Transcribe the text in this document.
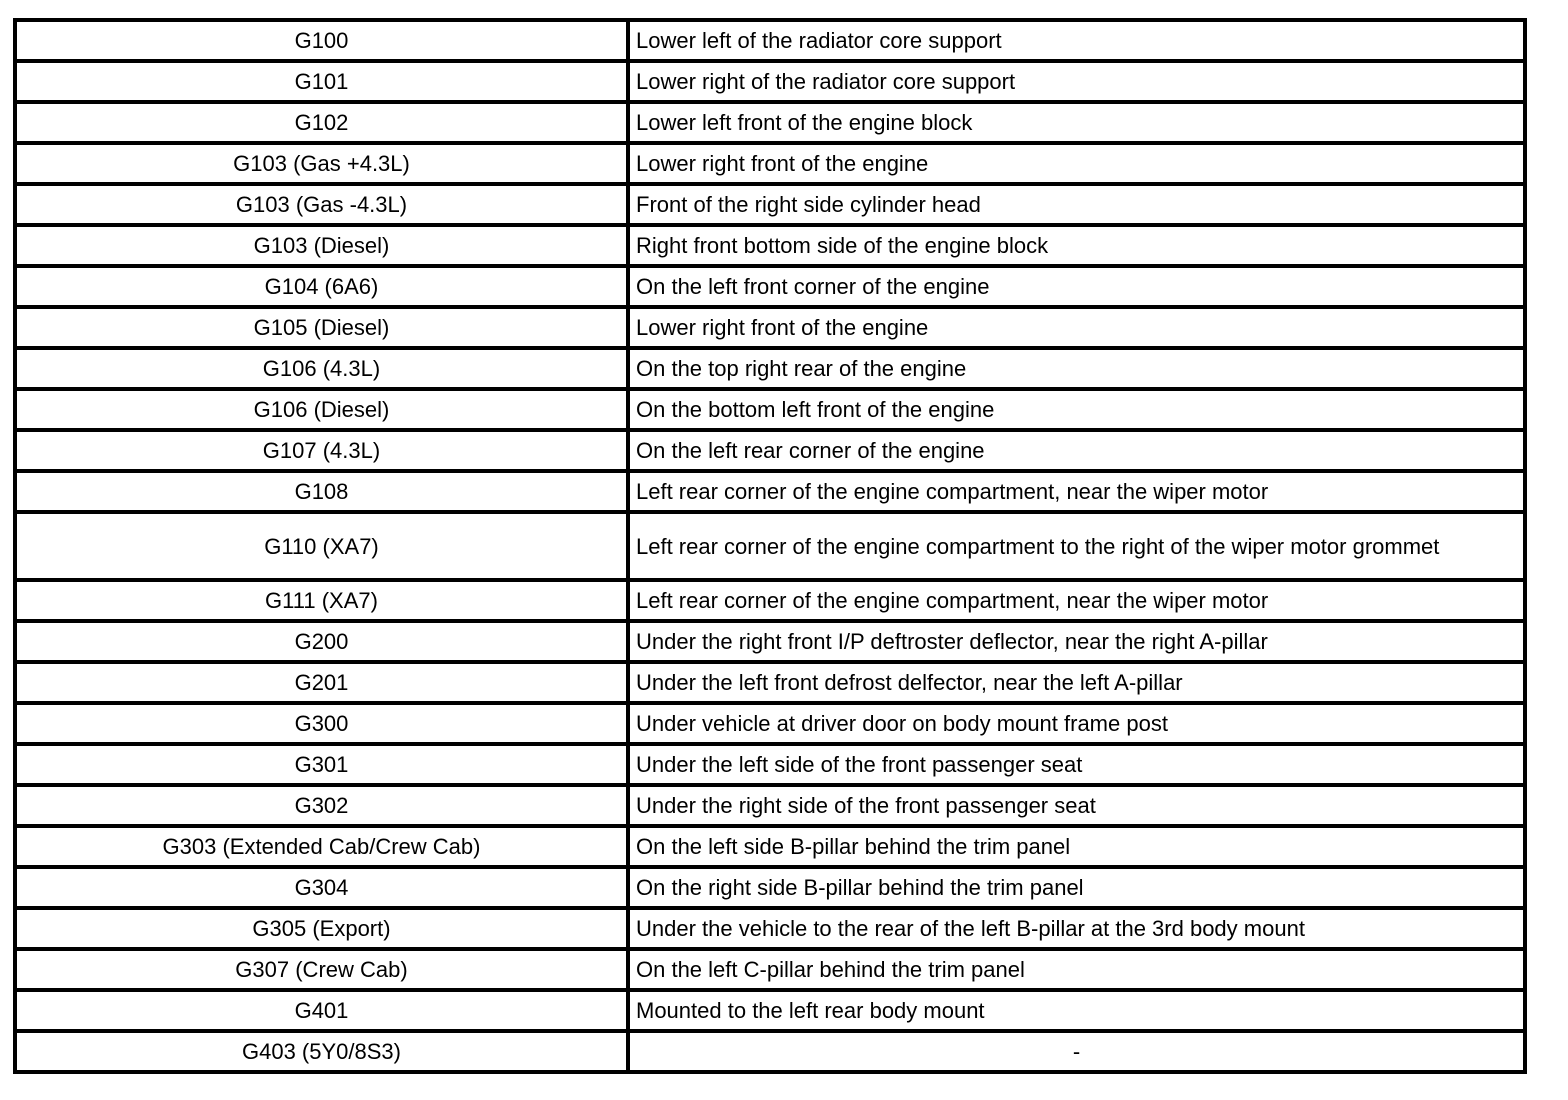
G100	Lower left of the radiator core support
G101	Lower right of the radiator core support
G102	Lower left front of the engine block
G103 (Gas +4.3L)	Lower right front of the engine
G103 (Gas -4.3L)	Front of the right side cylinder head
G103 (Diesel)	Right front bottom side of the engine block
G104 (6A6)	On the left front corner of the engine
G105 (Diesel)	Lower right front of the engine
G106 (4.3L)	On the top right rear of the engine
G106 (Diesel)	On the bottom left front of the engine
G107 (4.3L)	On the left rear corner of the engine
G108	Left rear corner of the engine compartment, near the wiper motor
G110 (XA7)	Left rear corner of the engine compartment to the right of the wiper motor grommet
G111 (XA7)	Left rear corner of the engine compartment, near the wiper motor
G200	Under the right front I/P deftroster deflector, near the right A-pillar
G201	Under the left front defrost delfector, near the left A-pillar
G300	Under vehicle at driver door on body mount frame post
G301	Under the left side of the front passenger seat
G302	Under the right side of the front passenger seat
G303 (Extended Cab/Crew Cab)	On the left side B-pillar behind the trim panel
G304	On the right side B-pillar behind the trim panel
G305 (Export)	Under the vehicle to the rear of the left B-pillar at the 3rd body mount
G307 (Crew Cab)	On the left C-pillar behind the trim panel
G401	Mounted to the left rear body mount
G403 (5Y0/8S3)	-
